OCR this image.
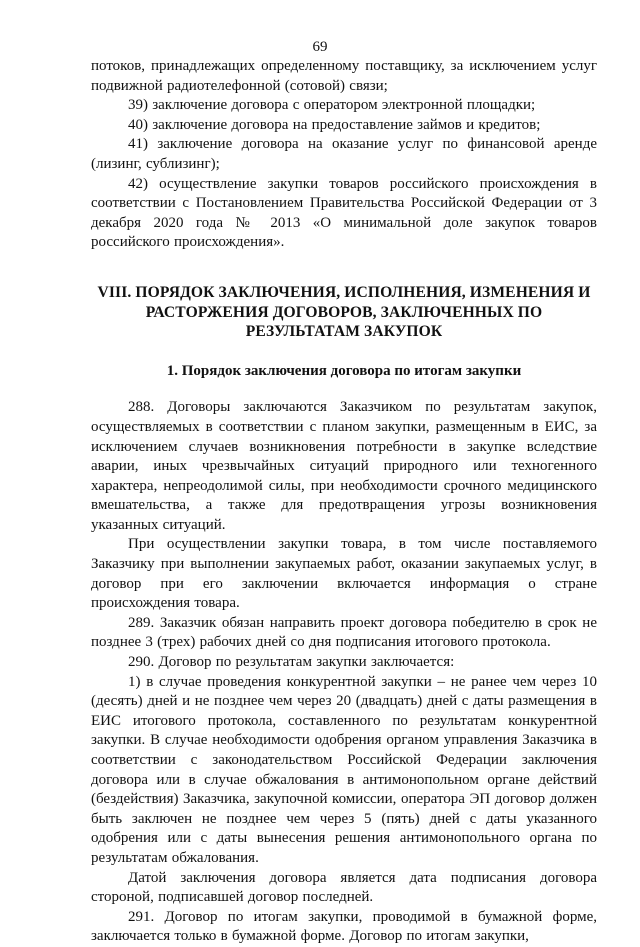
69

потоков, принадлежащих определенному поставщику, за исключением услуг подвижной радиотелефонной (сотовой) связи;

39) заключение договора с оператором электронной площадки;

40) заключение договора на предоставление займов и кредитов;

41) заключение договора на оказание услуг по финансовой аренде (лизинг, сублизинг);

42) осуществление закупки товаров российского происхождения в соответствии с Постановлением Правительства Российской Федерации от 3 декабря 2020 года № 2013 «О минимальной доле закупок товаров российского происхождения».

VIII. ПОРЯДОК ЗАКЛЮЧЕНИЯ, ИСПОЛНЕНИЯ, ИЗМЕНЕНИЯ И РАСТОРЖЕНИЯ ДОГОВОРОВ, ЗАКЛЮЧЕННЫХ ПО РЕЗУЛЬТАТАМ ЗАКУПОК
1. Порядок заключения договора по итогам закупки

288. Договоры заключаются Заказчиком по результатам закупок, осуществляемых в соответствии с планом закупки, размещенным в ЕИС, за исключением случаев возникновения потребности в закупке вследствие аварии, иных чрезвычайных ситуаций природного или техногенного характера, непреодолимой силы, при необходимости срочного медицинского вмешательства, а также для предотвращения угрозы возникновения указанных ситуаций.

При осуществлении закупки товара, в том числе поставляемого Заказчику при выполнении закупаемых работ, оказании закупаемых услуг, в договор при его заключении включается информация о стране происхождения товара.

289. Заказчик обязан направить проект договора победителю в срок не позднее 3 (трех) рабочих дней со дня подписания итогового протокола.

290. Договор по результатам закупки заключается:

1) в случае проведения конкурентной закупки – не ранее чем через 10 (десять) дней и не позднее чем через 20 (двадцать) дней с даты размещения в ЕИС итогового протокола, составленного по результатам конкурентной закупки. В случае необходимости одобрения органом управления Заказчика в соответствии с законодательством Российской Федерации заключения договора или в случае обжалования в антимонопольном органе действий (бездействия) Заказчика, закупочной комиссии, оператора ЭП договор должен быть заключен не позднее чем через 5 (пять) дней с даты указанного одобрения или с даты вынесения решения антимонопольного органа по результатам обжалования.

Датой заключения договора является дата подписания договора стороной, подписавшей договор последней.

291. Договор по итогам закупки, проводимой в бумажной форме, заключается только в бумажной форме. Договор по итогам закупки,
